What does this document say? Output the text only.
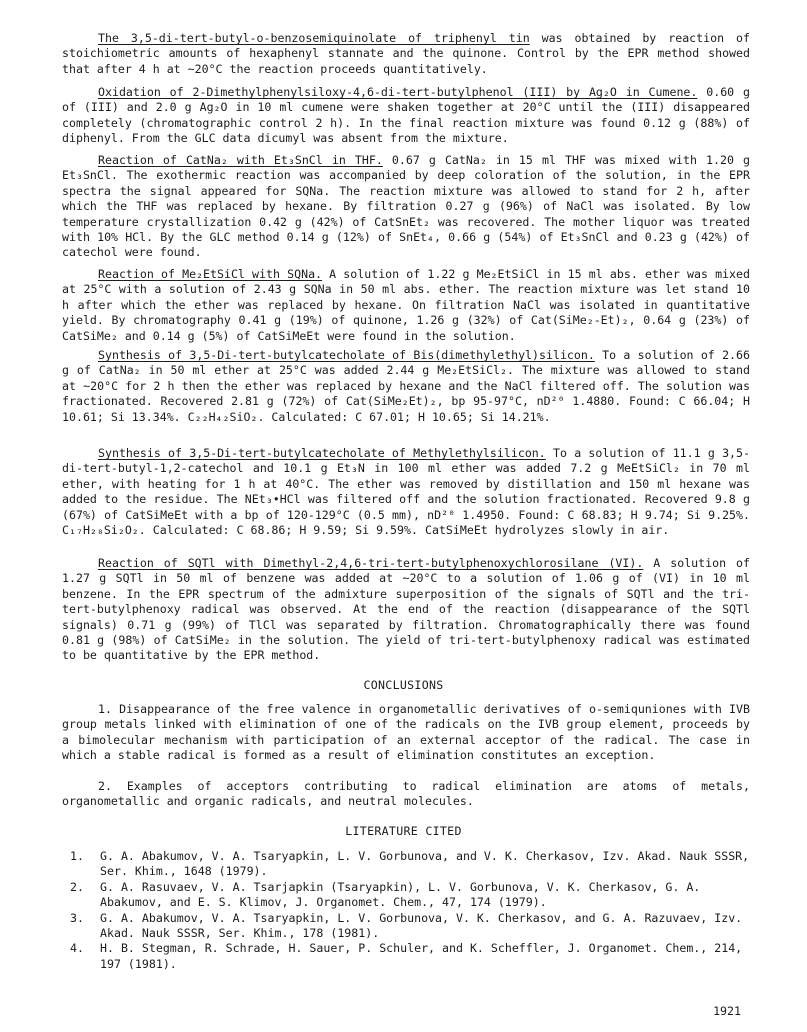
The 3,5-di-tert-butyl-o-benzosemiquinolate of triphenyl tin was obtained by reaction of stoichiometric amounts of hexaphenyl stannate and the quinone. Control by the EPR method showed that after 4 h at ~20°C the reaction proceeds quantitatively.

Oxidation of 2-Dimethylphenylsiloxy-4,6-di-tert-butylphenol (III) by Ag₂O in Cumene. 0.60 g of (III) and 2.0 g Ag₂O in 10 ml cumene were shaken together at 20°C until the (III) disappeared completely (chromatographic control 2 h). In the final reaction mixture was found 0.12 g (88%) of diphenyl. From the GLC data dicumyl was absent from the mixture.

Reaction of CatNa₂ with Et₃SnCl in THF. 0.67 g CatNa₂ in 15 ml THF was mixed with 1.20 g Et₃SnCl. The exothermic reaction was accompanied by deep coloration of the solution, in the EPR spectra the signal appeared for SQNa. The reaction mixture was allowed to stand for 2 h, after which the THF was replaced by hexane. By filtration 0.27 g (96%) of NaCl was isolated. By low temperature crystallization 0.42 g (42%) of CatSnEt₂ was recovered. The mother liquor was treated with 10% HCl. By the GLC method 0.14 g (12%) of SnEt₄, 0.66 g (54%) of Et₃SnCl and 0.23 g (42%) of catechol were found.

Reaction of Me₂EtSiCl with SQNa. A solution of 1.22 g Me₂EtSiCl in 15 ml abs. ether was mixed at 25°C with a solution of 2.43 g SQNa in 50 ml abs. ether. The reaction mixture was let stand 10 h after which the ether was replaced by hexane. On filtration NaCl was isolated in quantitative yield. By chromatography 0.41 g (19%) of quinone, 1.26 g (32%) of Cat(SiMe₂-Et)₂, 0.64 g (23%) of CatSiMe₂ and 0.14 g (5%) of CatSiMeEt were found in the solution.

Synthesis of 3,5-Di-tert-butylcatecholate of Bis(dimethylethyl)silicon. To a solution of 2.66 g of CatNa₂ in 50 ml ether at 25°C was added 2.44 g Me₂EtSiCl₂. The mixture was allowed to stand at ~20°C for 2 h then the ether was replaced by hexane and the NaCl filtered off. The solution was fractionated. Recovered 2.81 g (72%) of Cat(SiMe₂Et)₂, bp 95-97°C, nD²⁰ 1.4880. Found: C 66.04; H 10.61; Si 13.34%. C₂₂H₄₂SiO₂. Calculated: C 67.01; H 10.65; Si 14.21%.

Synthesis of 3,5-Di-tert-butylcatecholate of Methylethylsilicon. To a solution of 11.1 g 3,5-di-tert-butyl-1,2-catechol and 10.1 g Et₃N in 100 ml ether was added 7.2 g MeEtSiCl₂ in 70 ml ether, with heating for 1 h at 40°C. The ether was removed by distillation and 150 ml hexane was added to the residue. The NEt₃•HCl was filtered off and the solution fractionated. Recovered 9.8 g (67%) of CatSiMeEt with a bp of 120-129°C (0.5 mm), nD²⁰ 1.4950. Found: C 68.83; H 9.74; Si 9.25%. C₁₇H₂₈Si₂O₂. Calculated: C 68.86; H 9.59; Si 9.59%. CatSiMeEt hydrolyzes slowly in air.

Reaction of SQTl with Dimethyl-2,4,6-tri-tert-butylphenoxychlorosilane (VI). A solution of 1.27 g SQTl in 50 ml of benzene was added at ~20°C to a solution of 1.06 g of (VI) in 10 ml benzene. In the EPR spectrum of the admixture superposition of the signals of SQTl and the tri-tert-butylphenoxy radical was observed. At the end of the reaction (disappearance of the SQTl signals) 0.71 g (99%) of TlCl was separated by filtration. Chromatographically there was found 0.81 g (98%) of CatSiMe₂ in the solution. The yield of tri-tert-butylphenoxy radical was estimated to be quantitative by the EPR method.

CONCLUSIONS

1. Disappearance of the free valence in organometallic derivatives of o-semiquniones with IVB group metals linked with elimination of one of the radicals on the IVB group element, proceeds by a bimolecular mechanism with participation of an external acceptor of the radical. The case in which a stable radical is formed as a result of elimination constitutes an exception.

2. Examples of acceptors contributing to radical elimination are atoms of metals, organometallic and organic radicals, and neutral molecules.

LITERATURE CITED

1. G. A. Abakumov, V. A. Tsaryapkin, L. V. Gorbunova, and V. K. Cherkasov, Izv. Akad. Nauk SSSR, Ser. Khim., 1648 (1979).
2. G. A. Rasuvaev, V. A. Tsarjapkin (Tsaryapkin), L. V. Gorbunova, V. K. Cherkasov, G. A. Abakumov, and E. S. Klimov, J. Organomet. Chem., 47, 174 (1979).
3. G. A. Abakumov, V. A. Tsaryapkin, L. V. Gorbunova, V. K. Cherkasov, and G. A. Razuvaev, Izv. Akad. Nauk SSSR, Ser. Khim., 178 (1981).
4. H. B. Stegman, R. Schrade, H. Sauer, P. Schuler, and K. Scheffler, J. Organomet. Chem., 214, 197 (1981).

1921
